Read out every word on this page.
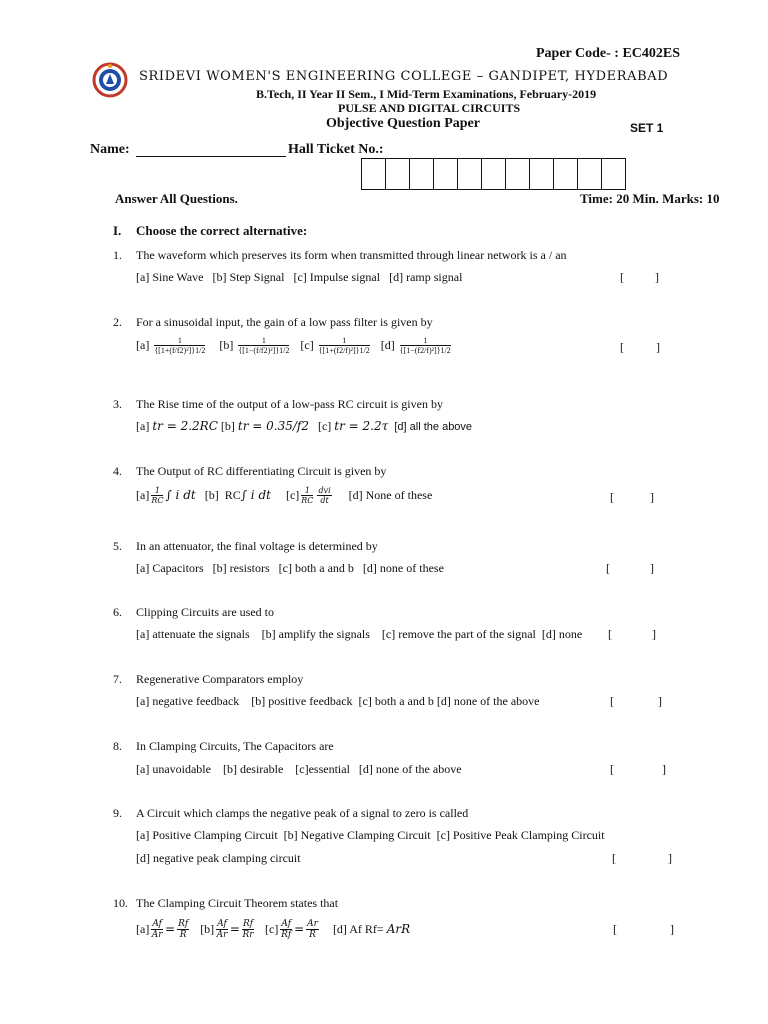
Paper Code- : EC402ES
SRIDEVI WOMEN'S ENGINEERING COLLEGE – GANDIPET, HYDERABAD
B.Tech, II Year II Sem., I Mid-Term Examinations, February-2019
PULSE AND DIGITAL CIRCUITS
Objective Question Paper	SET 1
Name:	Hall Ticket No.:
Answer All Questions.	Time: 20 Min. Marks: 10
I. Choose the correct alternative:
1. The waveform which preserves its form when transmitted through linear network is a / an
[a] Sine Wave   [b] Step Signal   [c] Impulse signal   [d] ramp signal	[	]
2. For a sinusoidal input, the gain of a low pass filter is given by
$[a] \frac{1}{\text{\{[1+(f/f2)²]\}1/2}} [b] \frac{1}{\text{\{[1−(f/f2)²]\}1/2}} [c] \frac{1}{\text{\{[1+(f2/f)²]\}1/2}} [d] \frac{1}{\text{\{[1−(f2/f)²]\}1/2}}$	[	]
3. The Rise time of the output of a low-pass RC circuit is given by
[a] tr = 2.2RC [b] tr = 0.35/f2   [c] tr = 2.2τ  [d] all the above
4. The Output of RC differentiating Circuit is given by
$[a] \frac{1}{RC}$ ∫ i dt   [b]  RC∫ i dt     $[c] \frac{1}{RC} \frac{\text{dvi}}{dt} [d]$ None of these	[	]
5. In an attenuator, the final voltage is determined by
[a] Capacitors   [b] resistors   [c] both a and b   [d] none of these	[	]
6. Clipping Circuits are used to
[a] attenuate the signals    [b] amplify the signals    [c] remove the part of the signal  [d] none [	]
7. Regenerative Comparators employ
[a] negative feedback    [b] positive feedback  [c] both a and b [d] none of the above	[	]
8. In Clamping Circuits, The Capacitors are
[a] unavoidable    [b] desirable    [c]essential   [d] none of the above	[	]
9. A Circuit which clamps the negative peak of a signal to zero is called
[a] Positive Clamping Circuit  [b] Negative Clamping Circuit  [c] Positive Peak Clamping Circuit
[d] negative peak clamping circuit	[	]
10. The Clamping Circuit Theorem states that
$[a] \frac{Af}{Ar} = \frac{Rf}{R} [b] \frac{Af}{Ar} = \frac{Rf}{Rr} [c] \frac{Af}{Rf} = \frac{Ar}{R} [d]$ Af Rf= ArR	[	]
